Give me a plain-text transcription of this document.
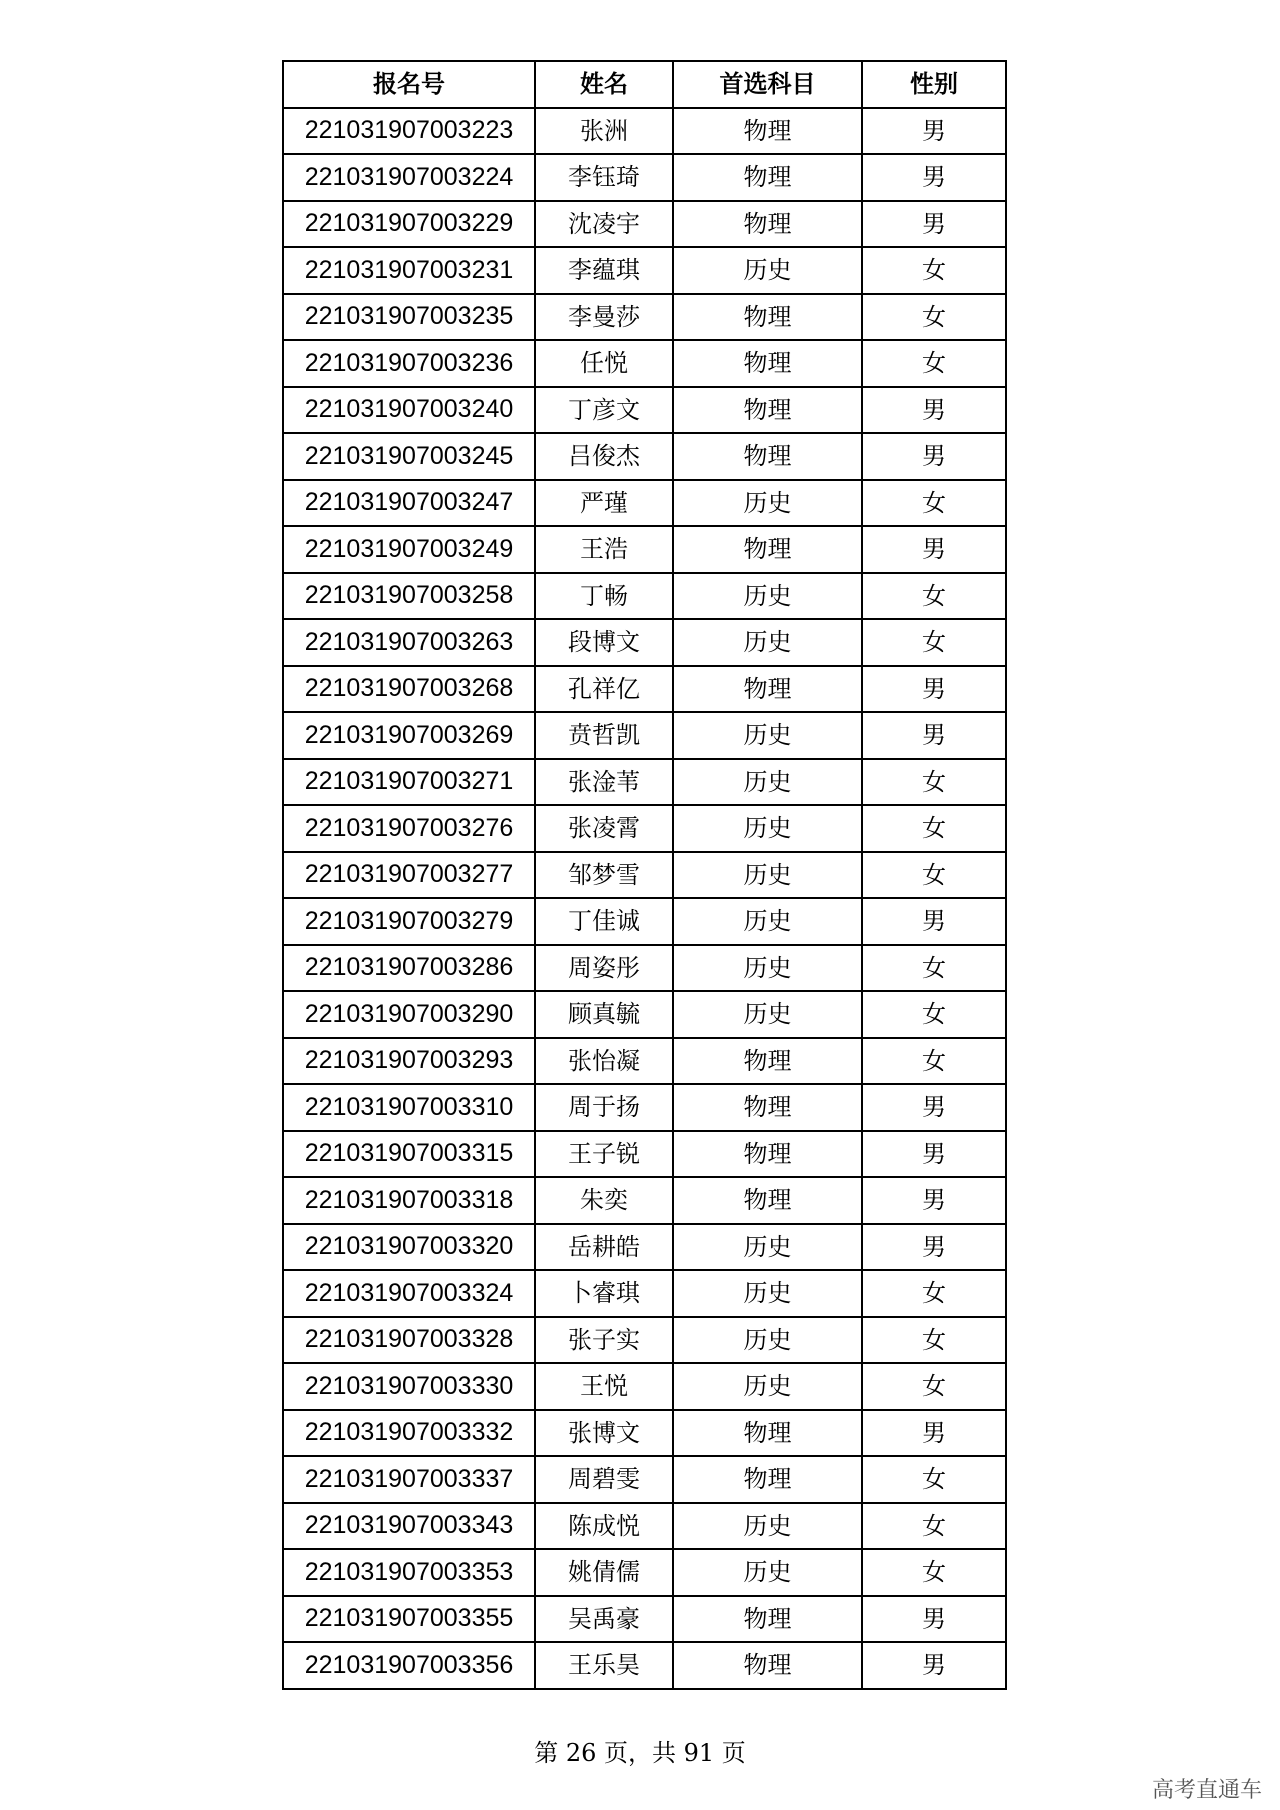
报名号	姓名	首选科目	性别
221031907003223	张洲	物理	男
221031907003224	李钰琦	物理	男
221031907003229	沈凌宇	物理	男
221031907003231	李蕴琪	历史	女
221031907003235	李曼莎	物理	女
221031907003236	任悦	物理	女
221031907003240	丁彦文	物理	男
221031907003245	吕俊杰	物理	男
221031907003247	严瑾	历史	女
221031907003249	王浩	物理	男
221031907003258	丁畅	历史	女
221031907003263	段博文	历史	女
221031907003268	孔祥亿	物理	男
221031907003269	贲哲凯	历史	男
221031907003271	张淦苇	历史	女
221031907003276	张凌霄	历史	女
221031907003277	邹梦雪	历史	女
221031907003279	丁佳诚	历史	男
221031907003286	周姿彤	历史	女
221031907003290	顾真毓	历史	女
221031907003293	张怡凝	物理	女
221031907003310	周于扬	物理	男
221031907003315	王子锐	物理	男
221031907003318	朱奕	物理	男
221031907003320	岳耕皓	历史	男
221031907003324	卜睿琪	历史	女
221031907003328	张子实	历史	女
221031907003330	王悦	历史	女
221031907003332	张博文	物理	男
221031907003337	周碧雯	物理	女
221031907003343	陈成悦	历史	女
221031907003353	姚倩儒	历史	女
221031907003355	吴禹豪	物理	男
221031907003356	王乐昊	物理	男
第 26 页，共 91 页
高考直通车
